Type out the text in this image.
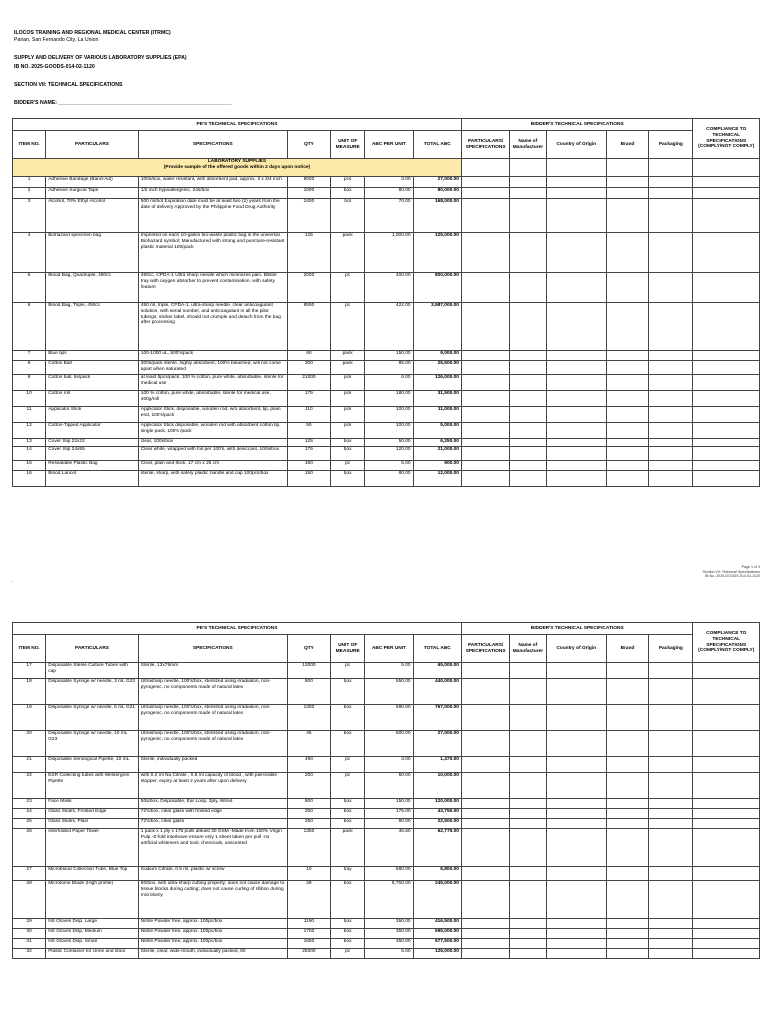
ILOCOS TRAINING AND REGIONAL MEDICAL CENTER (ITRMC)
Parian, San Fernando City, La Union
SUPPLY AND DELIVERY OF VARIOUS LABORATORY SUPPLIES (EPA)
IB NO. 2025-GOODS-014-02-1120
SECTION VII: TECHNICAL SPECIFICATIONS
BIDDER'S NAME: ____________________________________________________________
PE'S TECHNICAL SPECIFICATIONS							BIDDER'S TECHNICAL SPECIFICATIONS					COMPLIANCE TO TECHNICAL SPECIFICATIONS (COMPLY/NOT COMPLY)
ITEM NO.	PARTICULARS	SPECIFICATIONS	QTY	UNIT OF MEASURE	ABC PER UNIT	TOTAL ABC	PARTICULARS/ SPECIFICATIONS	Name of Manufacturer	Country of Origin	Brand	Packaging	

LABORATORY SUPPLIES
(Provide sample of the offered goods within 2 days upon notice)												

1	Adhesive Bandage (Band-Aid)	100s/box, water resistant, with absorbent pad, approx. 3 x 3/4 inch	9000	pcs	3.00	27,000.00						
2	Adhesive Surgical Tape	1/2 inch hypoallergenic, 24s/box	1000	box	80.00	80,000.00						
3	Alcohol, 70% Ethyl Alcohol	500 ml/bot Expiration date must be at least two (2) years from the date of delivery Approved by the Philippine Food Drug Authority	2400	bot	70.00	168,000.00						
4	Biohazard specimen bag	Imprinted on each 10-gallon bio-waste plastic bag is the universal Biohazard symbol; Manufactured with strong and puncture-resistant plastic material 100/pack	125	pack	1,000.00	125,000.00						
5	Blood Bag, Quadruple, 450cc	450cc, CPDA-1 Ultra sharp needle which minimizes pain. Blister tray with oxygen absorber to prevent contamination, with safety feature	2000	pc	400.00	800,000.00						
6	Blood Bag, Triple, 450cc	450 ml, triple, CPDA-1, ultra-sharp needle, clear anticoagulant solution, with serial number, and anticoagulant in all the pilot tubings, sticker label, should not crumple and detach from the bag after processing	8500	pc	422.00	3,587,000.00						
7	Blue tips	100-1000 uL, 500's/pack	60	pack	150.00	9,000.00						
8	Cotton Ball	300s/pack sterile, highly absorbent, 100% bleached, will not come apart when saturated	300	pack	85.00	25,500.00						
9	Cotton ball, 5s/pack	at least 5pcs/pack, 100 % cotton, pure white, absorbable, sterile for medical use	21000	pck	6.00	126,000.00						
10	Cotton roll	100 % cotton, pure white, absorbable, sterile for medical use, 400g/roll	175	pck	180.00	31,500.00						
11	Applicator Stick	Applicator Stick, disposable, wooden rod, w/o absorbent, tip, plain end, 100's/pack	110	pck	100.00	11,000.00						
12	Cotton-Tipped Applicator	Applicator Stick disposable, wooden rod with absorbent cotton tip, single pack, 100's /pack	50	pck	100.00	5,000.00						
13	Cover Slip 22x22	clear, 100s/box	125	box	50.00	6,250.00						
14	Cover Slip 24x55	Clear white, wrapped with foil per 100's, with desiccant, 100s/box	175	box	120.00	21,000.00						
15	Resealable Plastic Bag	Clear, plain and thick. 17 cm x 25 cm	180	pc	5.00	900.00						
16	Blood Lancet	sterile, sharp, with safety plastic handle and cap 100pcs/box	150	box	80.00	12,000.00						
Page 1 of 3
Section VII: Technical Specifications
IB No. 2025-GOODS-014-02-1120
.
PE'S TECHNICAL SPECIFICATIONS							BIDDER'S TECHNICAL SPECIFICATIONS					COMPLIANCE TO TECHNICAL SPECIFICATIONS (COMPLY/NOT COMPLY)
ITEM NO.	PARTICULARS	SPECIFICATIONS	QTY	UNIT OF MEASURE	ABC PER UNIT	TOTAL ABC	PARTICULARS/ SPECIFICATIONS	Name of Manufacturer	Country of Origin	Brand	Packaging	
17	Disposable Sterile Culture Tubes with cap	Sterile, 12x75mm	13000	pc	5.00	65,000.00						
18	Disposable Syringe w/ needle, 3 mL G23	Ultrasharp needle, 100's/box, sterilized using irradiation, non-pyrogenic, no components made of natural latex	800	box	550.00	440,000.00						
19	Disposable Syringe w/ needle, 5 mL G21	Ultrasharp needle, 100's/box, sterilized using irradiation, non-pyrogenic, no components made of natural latex	1300	box	590.00	767,000.00						
20	Disposable Syringe w/ needle, 10 mL G23	Ultrasharp needle, 100's/box, sterilized using irradiation, non-pyrogenic, no components made of natural latex	45	box	600.00	27,000.00						
21	Disposable Serological Pipette, 10 mL	Sterile, individually packed	490	pc	3.00	1,470.00						
22	ESR Collecting tubes with Westergren Pipette	with 0.2 ml Na Citrate , 0.8 ml capacity of blood , with pierceable stopper, expiry at least 2 years after upon delivery	200	pc	50.00	10,000.00						
23	Face Mask	50s/box, Disposable, Ear Loop, 3ply, Wired	800	box	150.00	120,000.00						
24	Glass Slides, Frosted Edge	72's/box, clear glass with frosted edge	250	box	175.00	43,750.00						
25	Glass Slides, Plain	72's/box, clear glass	250	box	90.00	22,500.00						
26	Interfolded Paper Towel	1 pack x 1 ply x 175 pulls atleast 30 GSM -Made from 100% Virgin Pulp -Z-fold interleave ensure only 1 sheet taken per pull -no artificial whiteners and toxic chemicals, unscented	1350	pack	46.50	62,775.00						
27	Microblood Collection Tube, Blue Top	Sodium Citrate, 0.5 ml, plastic w/ screw	10	tray	680.00	6,800.00						
28	Microtome Blade (High profile)	50/box, with ultra-sharp cutting property; does not cause damage to tissue blocks during cutting; does not cause curling of ribbon during microtomy	28	box	8,750.00	245,000.00						
29	NS Gloves Disp. Large	Nitrile Powder free, approx. 100pc/box	1190	box	350.00	416,500.00						
30	NS Gloves Disp. Medium	Nitrile Powder free, approx. 100pc/box	1700	box	350.00	595,000.00						
31	NS Gloves Disp. Small	Nitrile Powder free, approx. 100pc/box	1650	box	350.00	577,500.00						
32	Plastic Container for Urine and stool	Sterile, clear, wide-mouth, individually packed, 60	25000	pc	5.00	125,000.00						
